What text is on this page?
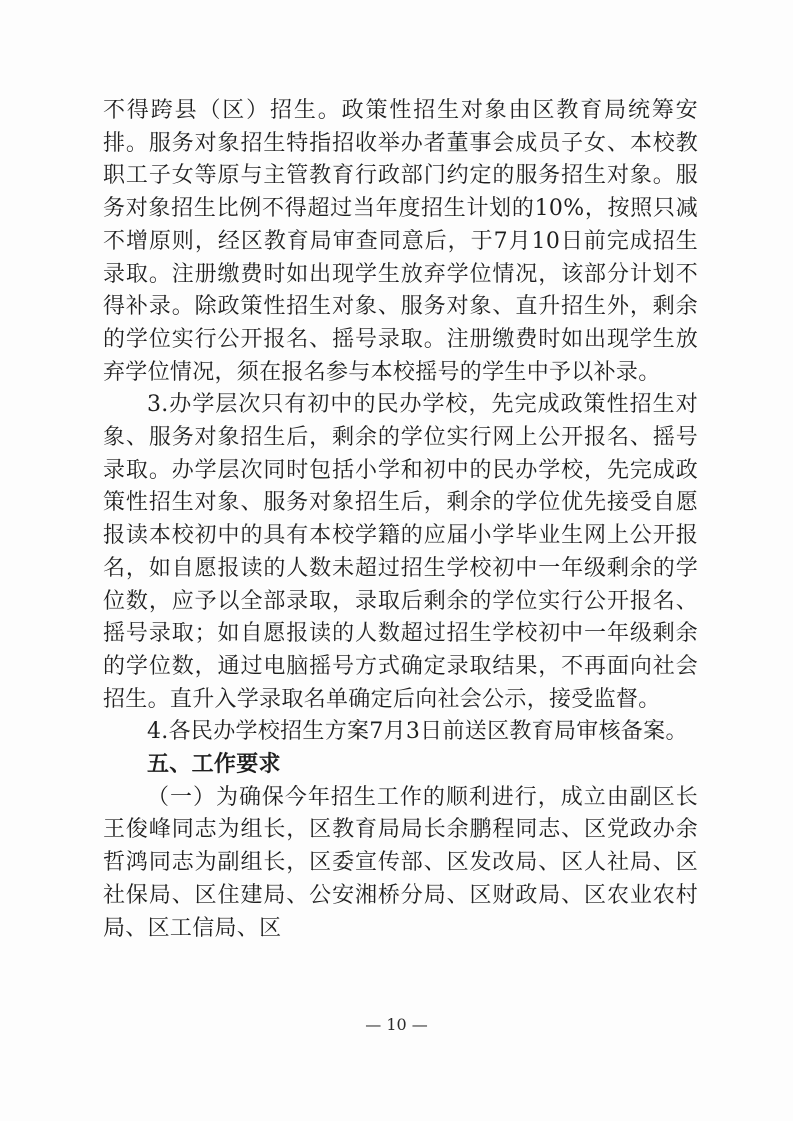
不得跨县（区）招生。政策性招生对象由区教育局统筹安排。服务对象招生特指招收举办者董事会成员子女、本校教职工子女等原与主管教育行政部门约定的服务招生对象。服务对象招生比例不得超过当年度招生计划的10%，按照只减不增原则，经区教育局审查同意后，于7月10日前完成招生录取。注册缴费时如出现学生放弃学位情况，该部分计划不得补录。除政策性招生对象、服务对象、直升招生外，剩余的学位实行公开报名、摇号录取。注册缴费时如出现学生放弃学位情况，须在报名参与本校摇号的学生中予以补录。

3.办学层次只有初中的民办学校，先完成政策性招生对象、服务对象招生后，剩余的学位实行网上公开报名、摇号录取。办学层次同时包括小学和初中的民办学校，先完成政策性招生对象、服务对象招生后，剩余的学位优先接受自愿报读本校初中的具有本校学籍的应届小学毕业生网上公开报名，如自愿报读的人数未超过招生学校初中一年级剩余的学位数，应予以全部录取，录取后剩余的学位实行公开报名、摇号录取；如自愿报读的人数超过招生学校初中一年级剩余的学位数，通过电脑摇号方式确定录取结果，不再面向社会招生。直升入学录取名单确定后向社会公示，接受监督。

4.各民办学校招生方案7月3日前送区教育局审核备案。

五、工作要求

（一）为确保今年招生工作的顺利进行，成立由副区长王俊峰同志为组长，区教育局局长余鹏程同志、区党政办余哲鸿同志为副组长，区委宣传部、区发改局、区人社局、区社保局、区住建局、公安湘桥分局、区财政局、区农业农村局、区工信局、区

— 10 —
